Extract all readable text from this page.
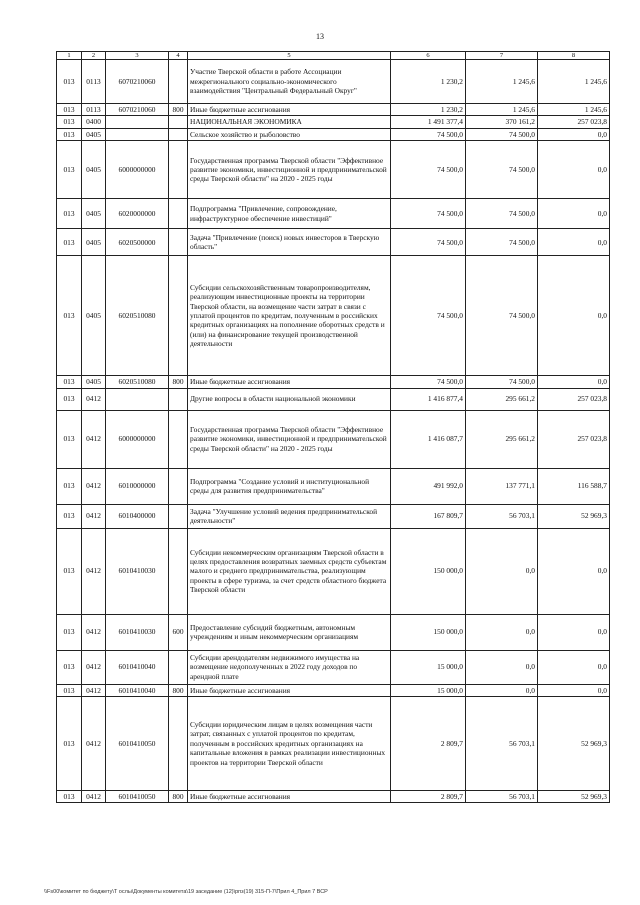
13
1	2	3	4	5	6	7	8
013	0113	6070210060		Участие Тверской области в работе Ассоциации межрегионального социально-экономического взаимодействия "Центральный Федеральный Округ"	1 230,2	1 245,6	1 245,6
013	0113	6070210060	800	Иные бюджетные ассигнования	1 230,2	1 245,6	1 245,6
013	0400			НАЦИОНАЛЬНАЯ ЭКОНОМИКА	1 491 377,4	370 161,2	257 023,8
013	0405			Сельское хозяйство и рыболовство	74 500,0	74 500,0	0,0
013	0405	6000000000		Государственная программа Тверской области "Эффективное развитие экономики, инвестиционной и предпринимательской среды Тверской области" на 2020 - 2025 годы	74 500,0	74 500,0	0,0
013	0405	6020000000		Подпрограмма "Привлечение, сопровождение, инфраструктурное обеспечение инвестиций"	74 500,0	74 500,0	0,0
013	0405	6020500000		Задача "Привлечение (поиск) новых инвесторов в Тверскую область"	74 500,0	74 500,0	0,0
013	0405	6020510080		Субсидии сельскохозяйственным товаропроизводителям, реализующим инвестиционные проекты на территории Тверской области, на возмещение части затрат в связи с уплатой процентов по кредитам, полученным в российских кредитных организациях на пополнение оборотных средств и (или) на финансирование текущей производственной деятельности	74 500,0	74 500,0	0,0
013	0405	6020510080	800	Иные бюджетные ассигнования	74 500,0	74 500,0	0,0
013	0412			Другие вопросы в области национальной экономики	1 416 877,4	295 661,2	257 023,8
013	0412	6000000000		Государственная программа Тверской области "Эффективное развитие экономики, инвестиционной и предпринимательской среды Тверской области" на 2020 - 2025 годы	1 416 087,7	295 661,2	257 023,8
013	0412	6010000000		Подпрограмма "Создание условий и институциональной среды для развития предпринимательства"	491 992,0	137 771,1	116 588,7
013	0412	6010400000		Задача "Улучшение условий ведения предпринимательской деятельности"	167 809,7	56 703,1	52 969,3
013	0412	6010410030		Субсидии некоммерческим организациям Тверской области в целях предоставления возвратных заемных средств субъектам малого и среднего предпринимательства, реализующим проекты в сфере туризма, за счет средств областного бюджета Тверской области	150 000,0	0,0	0,0
013	0412	6010410030	600	Предоставление субсидий бюджетным, автономным учреждениям и иным некоммерческим организациям	150 000,0	0,0	0,0
013	0412	6010410040		Субсидии арендодателям недвижимого имущества на возмещение недополученных в 2022 году доходов по арендной плате	15 000,0	0,0	0,0
013	0412	6010410040	800	Иные бюджетные ассигнования	15 000,0	0,0	0,0
013	0412	6010410050		Субсидии юридическим лицам в целях возмещения части затрат, связанных с уплатой процентов по кредитам, полученным в российских кредитных организациях на капитальные вложения в рамках реализации инвестиционных проектов на территории Тверской области	2 809,7	56 703,1	52 969,3
013	0412	6010410050	800	Иные бюджетные ассигнования	2 809,7	56 703,1	52 969,3
\\Fs00\комитет по бюджету\Т ослы\Документы комитета\19 заседание (12)\рпз(19) 315-П-7\Прил 4_Прил 7 ВСР
